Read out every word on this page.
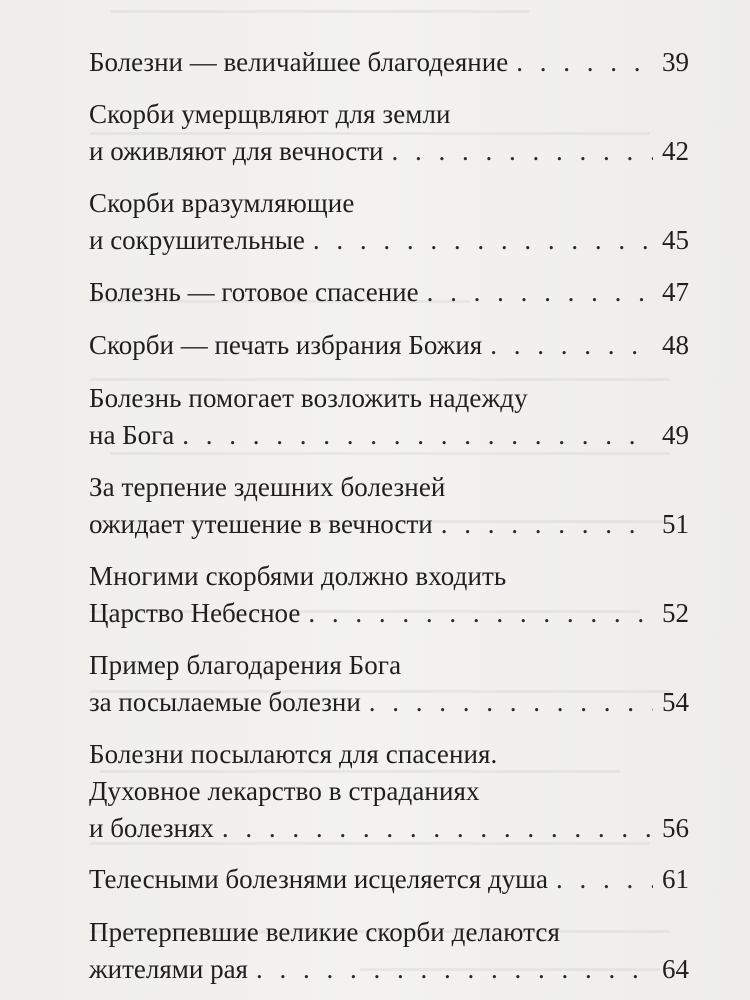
Болезни — величайшее благодеяние . . .	39
Скорби умерщвляют для земли
и оживляют для вечности . . .	42
Скорби вразумляющие
и сокрушительные . . .	45
Болезнь — готовое спасение . . .	47
Скорби — печать избрания Божия . . .	48
Болезнь помогает возложить надежду
на Бога . . .	49
За терпение здешних болезней
ожидает утешение в вечности . . .	51
Многими скорбями должно входить
Царство Небесное . . .	52
Пример благодарения Бога
за посылаемые болезни . . .	54
Болезни посылаются для спасения.
Духовное лекарство в страданиях
и болезнях . . .	56
Телесными болезнями исцеляется душа . . .	61
Претерпевшие великие скорби делаются
жителями рая . . .	64
